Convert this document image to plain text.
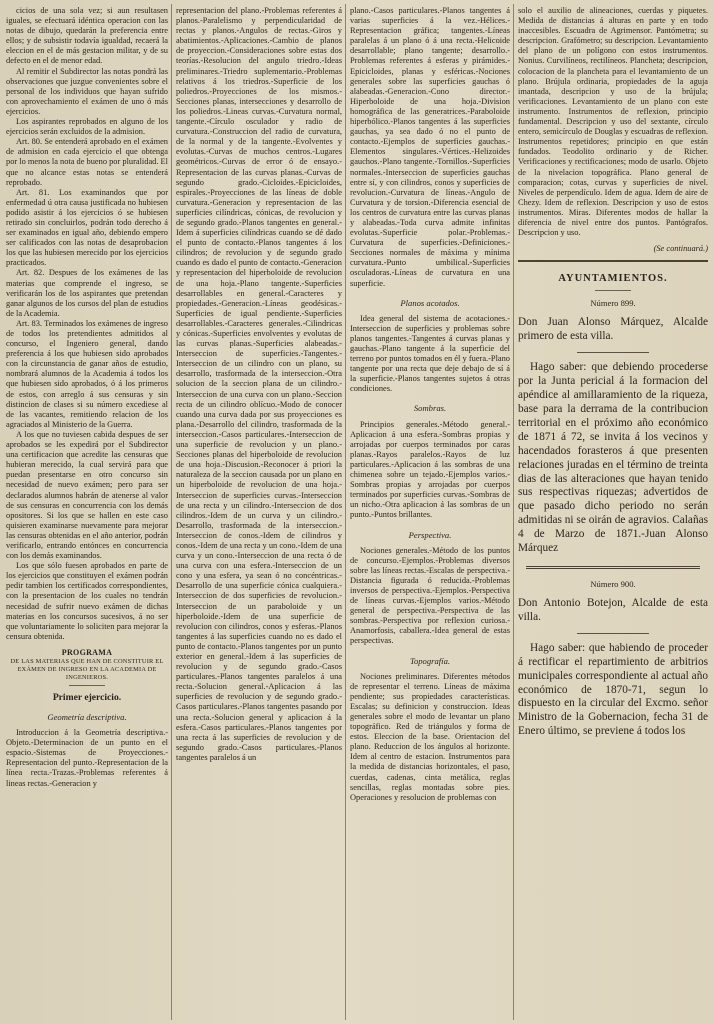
cicios de una sola vez; si aun resultasen iguales, se efectuará idéntica operacion con las notas de dibujo, quedarán la preferencia entre ellos; y de subsistir todavía igualdad, recaerá la eleccion en el de más gestacion militar, y de su defecto en el de menor edad.

Al remitir el Subdirector las notas pondrá las observaciones que juzgue convenientes sobre el personal de los individuos que hayan sufrido con aprovechamiento el exámen de uno ó más ejercicios.

Los aspirantes reprobados en alguno de los ejercicios serán excluidos de la admision.

Art. 80. Se entenderá aprobado en el exámen de admision en cada ejercicio el que obtenga por lo menos la nota de bueno por pluralidad. El que no alcance estas notas se entenderá reprobado.

Art. 81. Los examinandos que por enfermedad ú otra causa justificada no hubiesen podido asistir á los ejercicios ó se hubiesen retirado sin concluirlos, podrán todo derecho á ser examinados en igual año, debiendo empero ser calificados con las notas de desaprobacion los que las hubiesen merecido por los ejercicios practicados.

Art. 82. Despues de los exámenes de las materias que comprende el ingreso, se verificarán los de los aspirantes que pretendan ganar algunos de los cursos del plan de estudios de la Academia.

Art. 83. Terminados los exámenes de ingreso de todos los pretendientes admitidos al concurso, el Ingeniero general, dando preferencia á los que hubiesen sido aprobados con la circunstancia de ganar años de estudio, nombrará alumnos de la Academia á todos los que hubiesen sido aprobados, ó á los primeros de estos, con arreglo á sus censuras y sin distincion de clases si su número excediese al de las vacantes, remitiendo relacion de los agraciados al Ministerio de la Guerra.

A los que no tuviesen cabida despues de ser aprobados se les expedirá por el Subdirector una certificacion que acredite las censuras que hubieran merecido, la cual servirá para que puedan presentarse en otro concurso sin necesidad de nuevo exámen; pero para ser declarados alumnos habrán de atenerse al valor de sus censuras en concurrencia con los demás opositores. Si los que se hallen en este caso quisieren examinarse nuevamente para mejorar las censuras obtenidas en el año anterior, podrán verificarlo, entrando entónces en concurrencia con los demás examinandos.

Los que sólo fuesen aprobados en parte de los ejercicios que constituyen el exámen podrán pedir tambien los certificados correspondientes, con la presentacion de los cuales no tendrán necesidad de sufrir nuevo exámen de dichas materias en los concursos sucesivos, á no ser que voluntariamente lo soliciten para mejorar la censura obtenida.

PROGRAMA
DE LAS MATERIAS QUE HAN DE CONSTITUIR EL EXÁMEN DE INGRESO EN LA ACADEMIA DE INGENIEROS.
Primer ejercicio.
Geometría descriptiva.

Introduccion á la Geometría descriptiva.-Objeto.-Determinacion de un punto en el espacio.-Sistemas de Proyecciones.-Representacion del punto.-Representacion de la línea recta.-Trazas.-Problemas referentes á lineas rectas.-Generacion y

representacion del plano.-Problemas referentes á planos.-Paralelismo y perpendicularidad de rectas y planos.-Angulos de rectas.-Giros y abatimientos.-Aplicaciones.-Cambio de planos de proyeccion.-Consideraciones sobre estas dos teorías.-Resolucion del angulo triedro.-Ideas preliminares.-Triedro suplementario.-Problemas relativos á los triedros.-Superficie de los poliedros.-Proyecciones de los mismos.-Secciones planas, intersecciones y desarrollo de los poliedros.-Lineas curvas.-Curvatura normal, tangente.-Círculo osculador y radio de curvatura.-Construccion del radio de curvatura, de la normal y de la tangente.-Evolventes y evolutas.-Curvas de muchos centros.-Lugares geométricos.-Curvas de error ó de ensayo.-Representacion de las curvas planas.-Curvas de segundo grado.-Cicloides.-Epicicloides, espirales.-Proyecciones de las líneas de doble curvatura.-Generacion y representacion de las superficies cilíndricas, cónicas, de revolucion y de segundo grado.-Planos tangentes en general.-Idem á superficies cilíndricas cuando se dé dado el punto de contacto.-Planos tangentes á los cilindros; de revolucion y de segundo grado cuando es dado el punto de contacto.-Generacion y representacion del hiperboloide de revolucion de una hoja.-Plano tangente.-Superficies desarrollables en general.-Caracteres y propiedades.-Generacion.-Líneas geodésicas.-Superficies de igual pendiente.-Superficies desarrollables.-Caracteres generales.-Cilindricas y cónicas.-Superficies envolventes y evolutas de las curvas planas.-Superficies alabeadas.-Interseccion de superficies.-Tangentes.-Interseccion de un cilindro con un plano, su desarrollo, trasformada de la interseccion.-Otra solucion de la seccion plana de un cilindro.-Interseccion de una curva con un plano.-Seccion recta de un cilindro oblícuo.-Modo de conocer cuando una curva dada por sus proyecciones es plana.-Desarrollo del cilindro, trasformada de la interseccion.-Casos particulares.-Interseccion de una superficie de revolucion y un plano.-Secciones planas del hiperboloide de revolucion de una hoja.-Discusion.-Reconocer á priori la naturaleza de la seccion causada por un plano en un hiperboloide de revolucion de una hoja.-Interseccion de superficies curvas.-Interseccion de una recta y un cilindro.-Interseccion de dos cilindros.-Idem de un curva y un cilindro.-Desarrollo, trasformada de la interseccion.-Interseccion de conos.-Idem de cilindros y conos.-Idem de una recta y un cono.-Idem de una curva y un cono.-Interseccion de una recta ó de una curva con una esfera.-Interseccion de un cono y una esfera, ya sean ó no concéntricas.-Desarrollo de una superficie cónica cualquiera.-Interseccion de dos superficies de revolucion.-Interseccion de un paraboloide y un hiperboloide.-Idem de una superficie de revolucion con cilindros, conos y esferas.-Planos tangentes á las superficies cuando no es dado el punto de contacto.-Planos tangentes por un punto exterior en general.-Idem á las superficies de revolucion y de segundo grado.-Casos particulares.-Planos tangentes paralelos á una recta.-Solucion general.-Aplicacion á las superficies de revolucion y de segundo grado.-Casos particulares.-Planos tangentes pasando por una recta.-Solucion general y aplicacion á la esfera.-Casos particulares.-Planos tangentes por una recta á las superficies de revolucion y de segundo grado.-Casos particulares.-Planos tangentes paralelos á un

plano.-Casos particulares.-Planos tangentes á varias superficies á la vez.-Hélices.-Representacion gráfica; tangentes.-Líneas paralelas á un plano ó á una recta.-Helicoide desarrollable; plano tangente; desarrollo.-Problemas referentes á esferas y pirámides.-Epicicloides, planas y esféricas.-Nociones generales sobre las superficies gauchas ó alabeadas.-Generacion.-Cono director.-Hiperboloide de una hoja.-Division homográfica de las generatrices.-Paraboloide hiperbólico.-Planos tangentes á las superficies gauchas, ya sea dado ó no el punto de contacto.-Ejemplos de superficies gauchas.-Elementos singulares.-Vértices.-Helizoides gauchos.-Plano tangente.-Tornillos.-Superficies normales.-Interseccion de superficies gauchas entre sí, y con cilindros, conos y superficies de revolucion.-Curvatura de líneas.-Angulo de Curvatura y de torsion.-Diferencia esencial de los centros de curvatura entre las curvas planas y alabeadas.-Toda curva admite infinitas evolutas.-Superficie polar.-Problemas.-Curvatura de superficies.-Definiciones.-Secciones normales de máxima y mínima curvatura.-Punto umbilical.-Superficies osculadoras.-Líneas de curvatura en una superficie.

Planos acotados.

Idea general del sistema de acotaciones.-Interseccion de superficies y problemas sobre planos tangentes.-Tangentes á curvas planas y gauchas.-Plano tangente á la superficie del terreno por puntos tomados en él y fuera.-Plano tangente por una recta que deje debajo de sí á la superficie.-Planos tangentes sujetos á otras condiciones.

Sombras.

Principios generales.-Método general.-Aplicacion á una esfera.-Sombras propias y arrojadas por cuerpos terminados por caras planas.-Rayos paralelos.-Rayos de luz particulares.-Aplicacion á las sombras de una chimenea sobre un tejado.-Ejemplos varios.-Sombras propias y arrojadas por cuerpos terminados por superficies curvas.-Sombras de un nicho.-Otra aplicacion á las sombras de un punto.-Puntos brillantes.

Perspectiva.

Nociones generales.-Método de los puntos de concurso.-Ejemplos.-Problemas diversos sobre las líneas rectas.-Escalas de perspectiva.-Distancia figurada ó reducida.-Problemas inversos de perspectiva.-Ejemplos.-Perspectiva de líneas curvas.-Ejemplos varios.-Método general de perspectiva.-Perspectiva de las sombras.-Perspectiva por reflexion curiosa.-Anamorfosis, caballera.-Idea general de estas perspectivas.

Topografía.

Nociones preliminares. Diferentes métodos de representar el terreno. Líneas de máxima pendiente; sus propiedades características. Escalas; su definicion y construccion. Ideas generales sobre el modo de levantar un plano topográfico. Red de triángulos y forma de estos. Eleccion de la base. Orientacion del plano. Reduccion de los ángulos al horizonte. Idem al centro de estacion. Instrumentos para la medida de distancias horizontales, el paso, cuerdas, cadenas, cinta metálica, reglas sencillas, reglas montadas sobre pies. Operaciones y resolucion de problemas con

solo el auxilio de alineaciones, cuerdas y piquetes. Medida de distancias á alturas en parte y en todo inaccesibles. Escuadra de Agrimensor. Pantómetra; su descripcion. Grafómetro; su descripcion. Levantamiento del plano de un polígono con estos instrumentos. Nonius. Curvilíneos, rectilíneos. Plancheta; descripcion, colocacion de la plancheta para el levantamiento de un plano. Brújula ordinaria, propiedades de la aguja imantada, descripcion y uso de la brújula; verificaciones. Levantamiento de un plano con este instrumento. Instrumentos de reflexion, principio fundamental. Descripcion y uso del sextante, círculo entero, semicírculo de Douglas y escuadras de reflexion. Instrumentos repetidores; principio en que están fundados. Teodolito ordinario y de Richer. Verificaciones y rectificaciones; modo de usarlo. Objeto de la nivelacion topográfica. Plano general de comparacion; cotas, curvas y superficies de nivel. Niveles de perpendículo. Idem de agua. Idem de aire de Chezy. Idem de reflexion. Descripcion y uso de estos instrumentos. Miras. Diferentes modos de hallar la diferencia de nivel entre dos puntos. Pantógrafos. Descripcion y uso.

(Se continuará.)
AYUNTAMIENTOS.
Número 899.

Don Juan Alonso Márquez, Alcalde primero de esta villa.

Hago saber: que debiendo procederse por la Junta pericial á la formacion del apéndice al amillaramiento de la riqueza, base para la derrama de la contribucion territorial en el próximo año económico de 1871 á 72, se invita á los vecinos y hacendados forasteros á que presenten relaciones juradas en el término de treinta dias de las alteraciones que hayan tenido sus respectivas riquezas; advertidos de que pasado dicho periodo no serán admitidas ni se oirán de agravios. Calañas 4 de Marzo de 1871.-Juan Alonso Márquez

Número 900.

Don Antonio Botejon, Alcalde de esta villa.

Hago saber: que habiendo de proceder á rectificar el repartimiento de arbitrios municipales correspondiente al actual año económico de 1870-71, segun lo dispuesto en la circular del Excmo. señor Ministro de la Gobernacion, fecha 31 de Enero último, se previene á todos los
